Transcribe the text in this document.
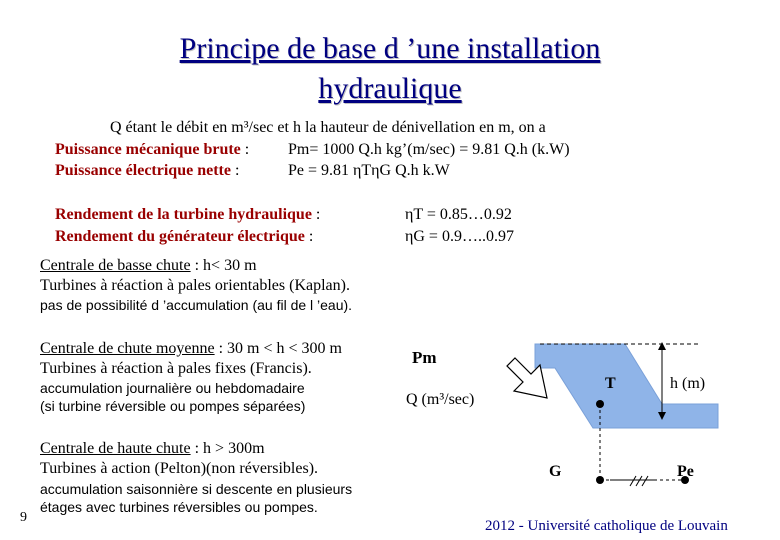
Principe de base d ’une installation
hydraulique
Q étant le débit en m³/sec et h la hauteur de dénivellation en m, on a
Puissance mécanique brute : Pm= 1000 Q.h kg’(m/sec) = 9.81 Q.h (k.W)
Puissance électrique nette :	Pe = 9.81 ηTηG Q.h k.W
Rendement de la turbine hydraulique :	ηT = 0.85…0.92
Rendement du générateur électrique :	ηG = 0.9…..0.97
Centrale de basse chute : h< 30 m
Turbines à réaction à pales orientables (Kaplan).
pas de possibilité d ’accumulation (au fil de l ’eau).
Centrale de chute moyenne : 30 m < h < 300 m
Turbines à réaction à pales fixes (Francis).
accumulation journalière ou hebdomadaire
(si turbine réversible ou pompes séparées)
Centrale de haute chute : h > 300m
Turbines à action (Pelton)(non réversibles).
accumulation saisonnière si descente en plusieurs
étages avec turbines réversibles ou pompes.
Pm
Q (m³/sec)
T	h (m)
G	Pe
9
2012 - Université catholique de Louvain
